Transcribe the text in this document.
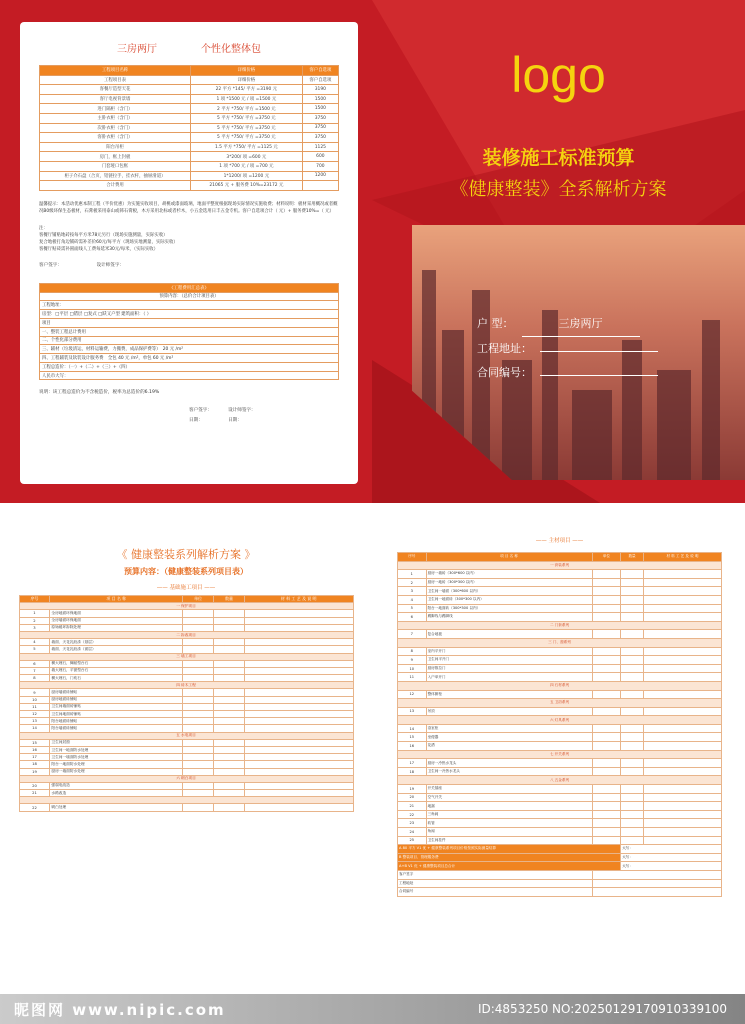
三房两厅	个性化整体包
工程项目名称	详细价格	客户自选项
工程项目表	详细价格	客户自选项
客餐厅造型天花	22 平方 *145/ 平方 =3190 元	3190
客厅电视背景墙	1 项 *1500 元 / 项 =1500 元	1500
进门隔柜（含门）	2 平方 *750/ 平方 =1500 元	1500
主卧衣柜（含门）	5 平方 *750/ 平方 =3750 元	3750
次卧衣柜（含门）	5 平方 *750/ 平方 =3750 元	3750
客卧衣柜（含门）	5 平方 *750/ 平方 =3750 元	3750
阳台吊柜	1.5 平方 *750/ 平方 =1125 元	1125
房门，框上封板	3*200/ 项 =600 元	600
门套垭口包框	1 项 *700 元 / 项 =700 元	700
柜子介石盘（合页，铝链拉手，挂衣杆，抽屉滑道）	1*1200/ 项 =1200 元	1200
合计费用	21065 元 + 服务费 10%=23172 元	
温馨提示：本活动优惠本制工程（半价优惠）为实施实收项目，胡桃或漆面玻璃，地面平整度根据现场实际情况实施收费；材料说明：板材采用概况或者概况B0级环保生态板材，石膏板采用泰山或韩石膏板，木方采用北标或者杉木，小五金选用日丰五金专机。客户自选项合计（ 元）+ 服务费10%=（ 元）
注：
客餐厅铺贴地砖按每平方米78元另行（现场实施测量，实际实收）
复合地板打角边铺砖需补差价60元/每平方（现场实地测量，实际实收）
客餐厅贴砖需补圆面线人工费每延米30元/每米，（实际实收）
客户签字：　　　　　　　　	设计师签字：
《工程费用汇总表》
预算内容：（总价合计项目表）
工程地址：
房型：□平层 □错层 □复式 □跃又户型 建筑面积：（ ）
项目
一、整装工程总计费用
二、个性化部分费用
三、辅材（垃圾清运，材料运输费，力搬费，成品保护费等）　 20 元 /m²
四、工程辅装及软装设计服务费　 全包 40 元 /m²，单包 60 元 /m²
工程总造价：（一）+（二）+（三）+（四）
人民币大写：
说明：该工程总造价为不含税造价，税率为总造价的6.19%
客户签字：　　　　	设计师签字：
日期：　　　　　　	日期：
logo
装修施工标准预算
《健康整装》全系解析方案
户 型：	三房两厅
工程地址：
合同编号：
《 健康整装系列解析方案 》
预算内容：（健康整装系列项目表）
—— 基础施工项目 ——
序号	项 目 名 称	单位	数量	材 料 工 艺 及 说 明
一 保护项目				
1	全房地面环保地面			
2	全房墙面环保地面			
3	原始破坏拆除处理			
二 拆改项目				
4	墙面、天花乳胶漆（基层）			
5	墙面、天花乳胶漆（面层）			
三 墙工项目				
6	横大理石，舞蹈型台石			
7	墙大理石，平窗型台石			
8	横大理石，门坎石			
四 砖木工程				
9	厨房墙面砖铺贴			
10	厨房地面砖铺贴			
11	卫生间墙面砖铺贴			
12	卫生间地面砖铺贴			
13	阳台地面砖铺贴			
14	阳台墙面砖铺贴			
五 水电项目				
15	卫生间封窗			
16	卫生间一地面防水处理			
17	卫生间一墙面防水处理			
18	阳台一地面防水处理			
19	厨房一墙面防水处理			
六 刷白项目				
20	强弱电改造			
21	水路改造			

22	刷白处理			
—— 主材项目 ——
序号	项 目 名 称	单位	数量	材 料 工 艺 及 说 明
一 套装系列				
1	厨房一墙砖（300*600 以内）			
2	厨房一地砖（300*300 以内）			
3	卫生间一墙面（300*600 以内）			
4	卫生间一地面砖（300*300 以内）			
5	阳台一地面砖（300*300 以内）			
6	踢脚线与踢脚线			
二 门套系列				
7	复合地板			
三 门、窗系列				
8	室内平开门			
9	卫生间平开门			
10	厨房推拉门			
11	入户单开门			
四 石材系列				
12	整体橱柜			
五 卫浴系列				
13	吊顶			
六 灯具系列				
14	浴室柜			
15	坐便器			
16	花洒			
七 开关系列				
17	厨房一冷热水龙头			
18	卫生间一冷热水龙头			
八 五金系列				
19	开关插座			
20	空气开关			
21	地漏			
22	三角阀			
23	软管			
24	角阀			
25	卫生间挂件			
A 80 平方 V1 优 + 健康整装系列项目价格按照实际测量结算			大写：	
B 整装项目、管理服务费			大写：	
A+B V1 优 + 健康整装项目总合计			大写：	
客户签字				
工程地址				
合同编号				
昵图网 www.nipic.com	ID:4853250 NO:20250129170910339100
